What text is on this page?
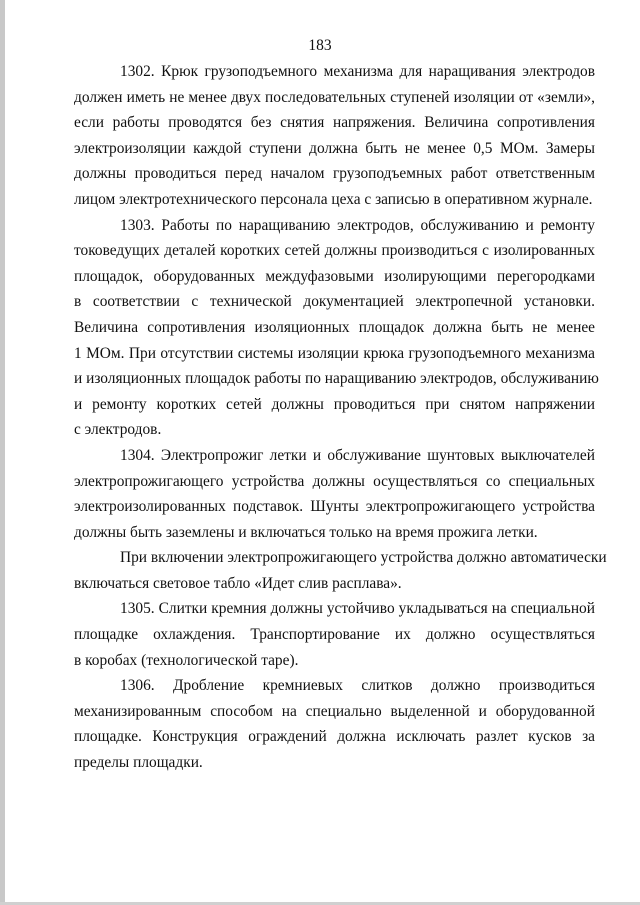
183

1302. Крюк грузоподъемного механизма для наращивания электродов
должен иметь не менее двух последовательных ступеней изоляции от «земли»,
если работы проводятся без снятия напряжения. Величина сопротивления
электроизоляции каждой ступени должна быть не менее 0,5 МОм. Замеры
должны проводиться перед началом грузоподъемных работ ответственным
лицом электротехнического персонала цеха с записью в оперативном журнале.

1303. Работы по наращиванию электродов, обслуживанию и ремонту
токоведущих деталей коротких сетей должны производиться с изолированных
площадок, оборудованных междуфазовыми изолирующими перегородками
в соответствии с технической документацией электропечной установки.
Величина сопротивления изоляционных площадок должна быть не менее
1 МОм. При отсутствии системы изоляции крюка грузоподъемного механизма
и изоляционных площадок работы по наращиванию электродов, обслуживанию
и ремонту коротких сетей должны проводиться при снятом напряжении
с электродов.

1304. Электропрожиг летки и обслуживание шунтовых выключателей
электропрожигающего устройства должны осуществляться со специальных
электроизолированных подставок. Шунты электропрожигающего устройства
должны быть заземлены и включаться только на время прожига летки.

При включении электропрожигающего устройства должно автоматически
включаться световое табло «Идет слив расплава».

1305. Слитки кремния должны устойчиво укладываться на специальной
площадке охлаждения. Транспортирование их должно осуществляться
в коробах (технологической таре).

1306. Дробление кремниевых слитков должно производиться
механизированным способом на специально выделенной и оборудованной
площадке. Конструкция ограждений должна исключать разлет кусков за
пределы площадки.
